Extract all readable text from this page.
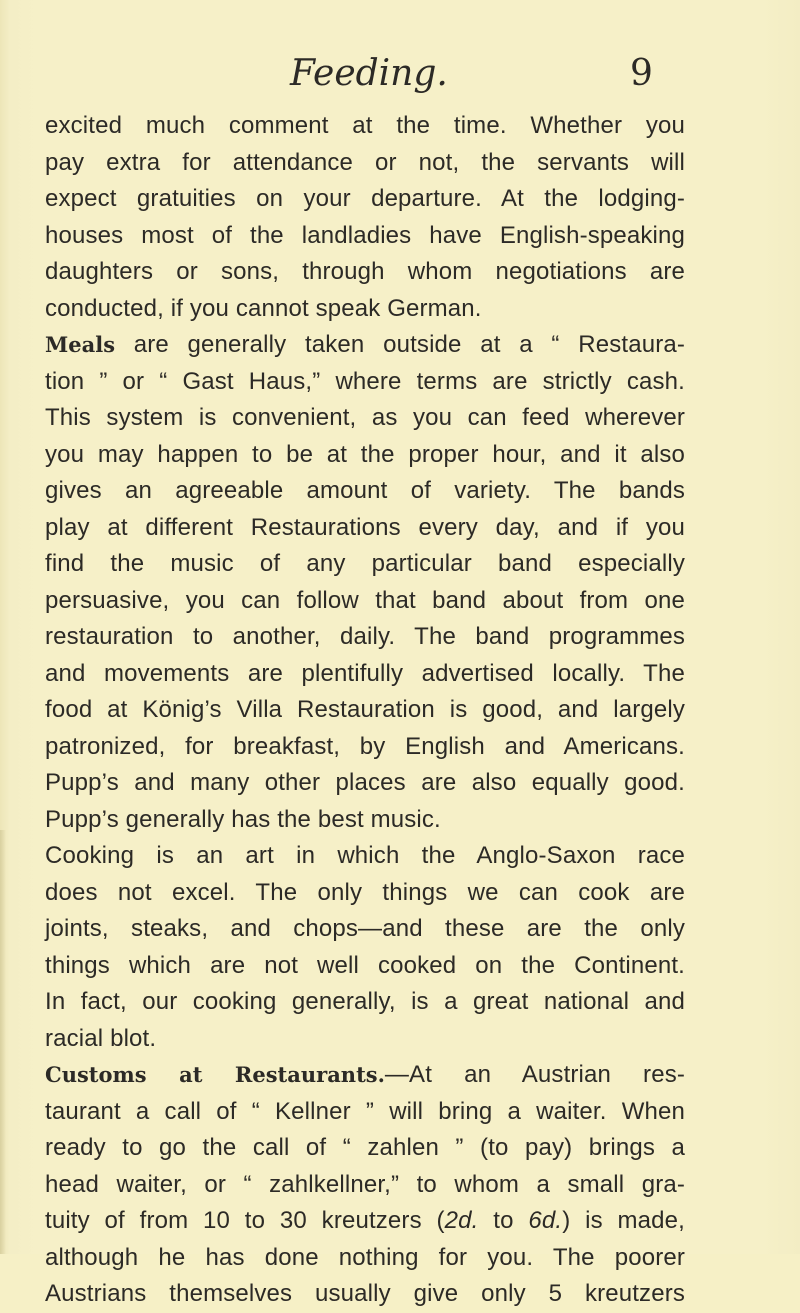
Feeding.	9
excited much comment at the time. Whether you
pay extra for attendance or not, the servants will
expect gratuities on your departure. At the lodging-
houses most of the landladies have English-speaking
daughters or sons, through whom negotiations are
conducted, if you cannot speak German.
Meals are generally taken outside at a “ Restaura-
tion ” or “ Gast Haus,” where terms are strictly cash.
This system is convenient, as you can feed wherever
you may happen to be at the proper hour, and it also
gives an agreeable amount of variety. The bands
play at different Restaurations every day, and if you
find the music of any particular band especially
persuasive, you can follow that band about from one
restauration to another, daily. The band programmes
and movements are plentifully advertised locally. The
food at König’s Villa Restauration is good, and largely
patronized, for breakfast, by English and Americans.
Pupp’s and many other places are also equally good.
Pupp’s generally has the best music.
Cooking is an art in which the Anglo-Saxon race
does not excel. The only things we can cook are
joints, steaks, and chops—and these are the only
things which are not well cooked on the Continent.
In fact, our cooking generally, is a great national and
racial blot.
Customs at Restaurants.—At an Austrian res-
taurant a call of “ Kellner ” will bring a waiter. When
ready to go the call of “ zahlen ” (to pay) brings a
head waiter, or “ zahlkellner,” to whom a small gra-
tuity of from 10 to 30 kreutzers (2d. to 6d.) is made,
although he has done nothing for you. The poorer
Austrians themselves usually give only 5 kreutzers
